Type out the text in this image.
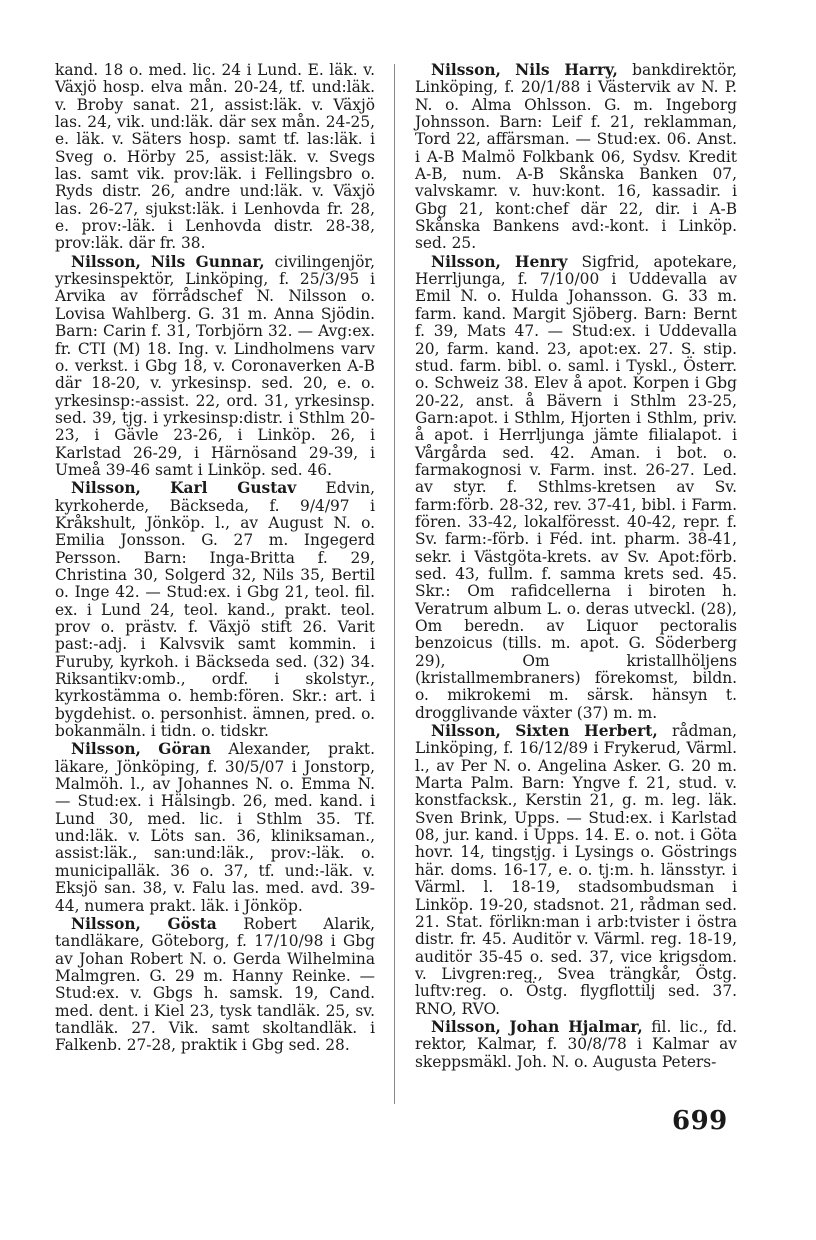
kand. 18 o. med. lic. 24 i Lund. E. läk. v. Växjö hosp. elva mån. 20-24, tf. und:läk. v. Broby sanat. 21, assist:läk. v. Växjö las. 24, vik. und:läk. där sex mån. 24-25, e. läk. v. Säters hosp. samt tf. las:läk. i Sveg o. Hörby 25, assist:läk. v. Svegs las. samt vik. prov:läk. i Fellingsbro o. Ryds distr. 26, andre und:läk. v. Växjö las. 26-27, sjukst:läk. i Lenhovda fr. 28, e. prov:-läk. i Lenhovda distr. 28-38, prov:läk. där fr. 38.

Nilsson, Nils Gunnar, civilingenjör, yrkesinspektör, Linköping, f. 25/3/95 i Arvika av förrådschef N. Nilsson o. Lovisa Wahlberg. G. 31 m. Anna Sjödin. Barn: Carin f. 31, Torbjörn 32. — Avg:ex. fr. CTI (M) 18. Ing. v. Lindholmens varv o. verkst. i Gbg 18, v. Coronaverken A-B där 18-20, v. yrkesinsp. sed. 20, e. o. yrkesinsp:-assist. 22, ord. 31, yrkesinsp. sed. 39, tjg. i yrkesinsp:distr. i Sthlm 20-23, i Gävle 23-26, i Linköp. 26, i Karlstad 26-29, i Härnösand 29-39, i Umeå 39-46 samt i Linköp. sed. 46.

Nilsson, Karl Gustav Edvin, kyrkoherde, Bäckseda, f. 9/4/97 i Kråkshult, Jönköp. l., av August N. o. Emilia Jonsson. G. 27 m. Ingegerd Persson. Barn: Inga-Britta f. 29, Christina 30, Solgerd 32, Nils 35, Bertil o. Inge 42. — Stud:ex. i Gbg 21, teol. fil. ex. i Lund 24, teol. kand., prakt. teol. prov o. prästv. f. Växjö stift 26. Varit past:-adj. i Kalvsvik samt kommin. i Furuby, kyrkoh. i Bäckseda sed. (32) 34. Riksantikv:omb., ordf. i skolstyr., kyrkostämma o. hemb:fören. Skr.: art. i bygdehist. o. personhist. ämnen, pred. o. bokanmäln. i tidn. o. tidskr.

Nilsson, Göran Alexander, prakt. läkare, Jönköping, f. 30/5/07 i Jonstorp, Malmöh. l., av Johannes N. o. Emma N. — Stud:ex. i Hälsingb. 26, med. kand. i Lund 30, med. lic. i Sthlm 35. Tf. und:läk. v. Löts san. 36, kliniksaman., assist:läk., san:und:läk., prov:-läk. o. municipalläk. 36 o. 37, tf. und:-läk. v. Eksjö san. 38, v. Falu las. med. avd. 39-44, numera prakt. läk. i Jönköp.

Nilsson, Gösta Robert Alarik, tandläkare, Göteborg, f. 17/10/98 i Gbg av Johan Robert N. o. Gerda Wilhelmina Malmgren. G. 29 m. Hanny Reinke. — Stud:ex. v. Gbgs h. samsk. 19, Cand. med. dent. i Kiel 23, tysk tandläk. 25, sv. tandläk. 27. Vik. samt skoltandläk. i Falkenb. 27-28, praktik i Gbg sed. 28.

Nilsson, Nils Harry, bankdirektör, Linköping, f. 20/1/88 i Västervik av N. P. N. o. Alma Ohlsson. G. m. Ingeborg Johnsson. Barn: Leif f. 21, reklamman, Tord 22, affärsman. — Stud:ex. 06. Anst. i A-B Malmö Folkbank 06, Sydsv. Kredit A-B, num. A-B Skånska Banken 07, valvskamr. v. huv:kont. 16, kassadir. i Gbg 21, kont:chef där 22, dir. i A-B Skånska Bankens avd:-kont. i Linköp. sed. 25.

Nilsson, Henry Sigfrid, apotekare, Herrljunga, f. 7/10/00 i Uddevalla av Emil N. o. Hulda Johansson. G. 33 m. farm. kand. Margit Sjöberg. Barn: Bernt f. 39, Mats 47. — Stud:ex. i Uddevalla 20, farm. kand. 23, apot:ex. 27. S. stip. stud. farm. bibl. o. saml. i Tyskl., Österr. o. Schweiz 38. Elev å apot. Korpen i Gbg 20-22, anst. å Bävern i Sthlm 23-25, Garn:apot. i Sthlm, Hjorten i Sthlm, priv. å apot. i Herrljunga jämte filialapot. i Vårgårda sed. 42. Aman. i bot. o. farmakognosi v. Farm. inst. 26-27. Led. av styr. f. Sthlms-kretsen av Sv. farm:förb. 28-32, rev. 37-41, bibl. i Farm. fören. 33-42, lokalföresst. 40-42, repr. f. Sv. farm:-förb. i Féd. int. pharm. 38-41, sekr. i Västgöta-krets. av Sv. Apot:förb. sed. 43, fullm. f. samma krets sed. 45. Skr.: Om rafidcellerna i biroten h. Veratrum album L. o. deras utveckl. (28), Om beredn. av Liquor pectoralis benzoicus (tills. m. apot. G. Söderberg 29), Om kristallhöljens (kristallmembraners) förekomst, bildn. o. mikrokemi m. särsk. hänsyn t. drogglivande växter (37) m. m.

Nilsson, Sixten Herbert, rådman, Linköping, f. 16/12/89 i Frykerud, Värml. l., av Per N. o. Angelina Asker. G. 20 m. Marta Palm. Barn: Yngve f. 21, stud. v. konstfacksk., Kerstin 21, g. m. leg. läk. Sven Brink, Upps. — Stud:ex. i Karlstad 08, jur. kand. i Upps. 14. E. o. not. i Göta hovr. 14, tingstjg. i Lysings o. Göstrings här. doms. 16-17, e. o. tj:m. h. länsstyr. i Värml. l. 18-19, stadsombudsman i Linköp. 19-20, stadsnot. 21, rådman sed. 21. Stat. förlikn:man i arb:tvister i östra distr. fr. 45. Auditör v. Värml. reg. 18-19, auditör 35-45 o. sed. 37, vice krigsdom. v. Livgren:reg., Svea trängkår, Östg. luftv:reg. o. Östg. flygflottilj sed. 37. RNO, RVO.

Nilsson, Johan Hjalmar, fil. lic., fd. rektor, Kalmar, f. 30/8/78 i Kalmar av skeppsmäkl. Joh. N. o. Augusta Peters-

699
